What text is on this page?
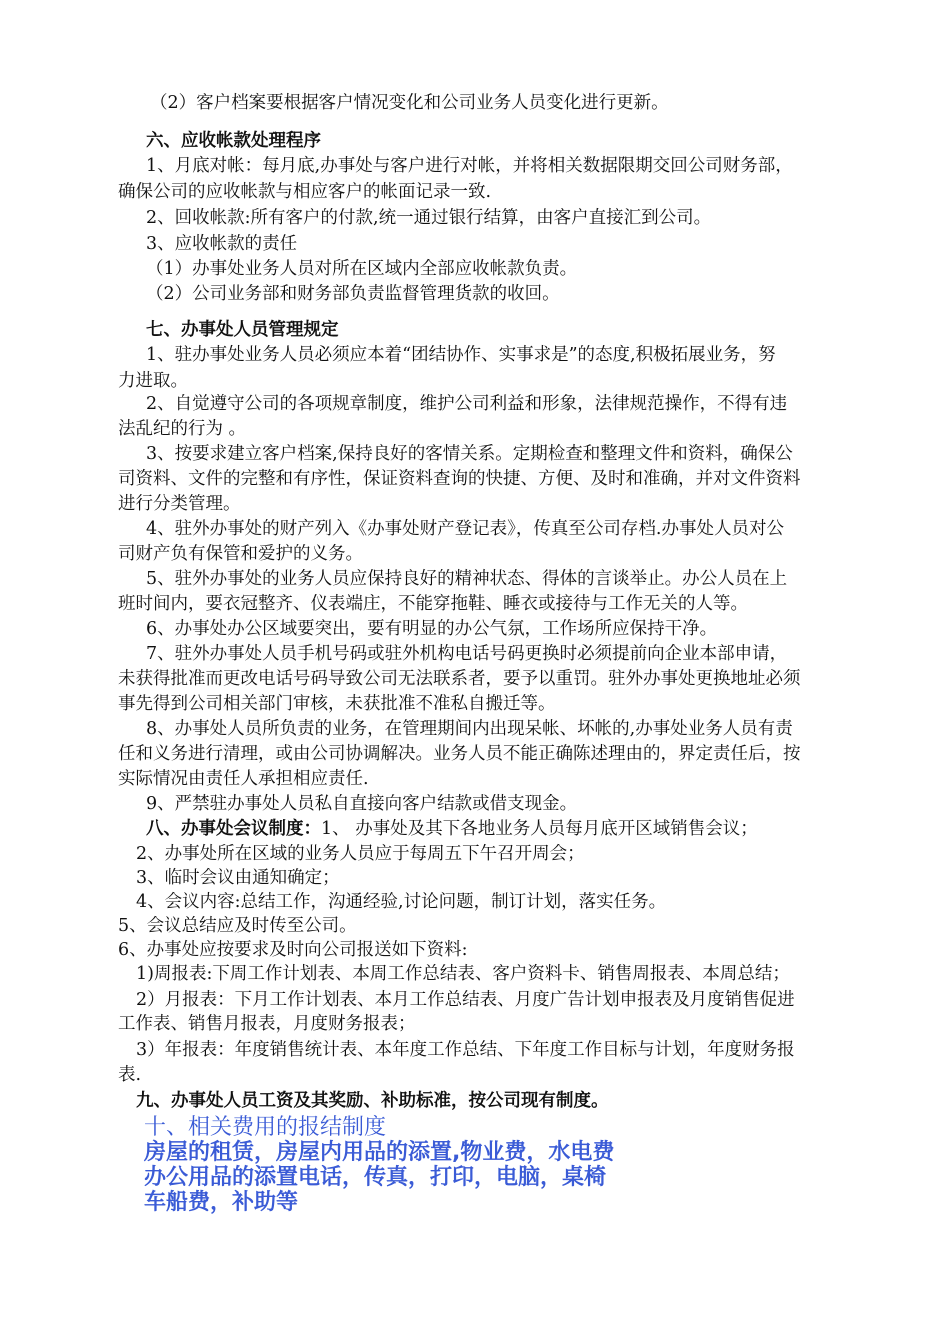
（2）客户档案要根据客户情况变化和公司业务人员变化进行更新。
六、应收帐款处理程序
1、月底对帐：每月底,办事处与客户进行对帐，并将相关数据限期交回公司财务部，
确保公司的应收帐款与相应客户的帐面记录一致.
2、回收帐款:所有客户的付款,统一通过银行结算，由客户直接汇到公司。
3、应收帐款的责任
（1）办事处业务人员对所在区域内全部应收帐款负责。
（2）公司业务部和财务部负责监督管理货款的收回。
七、办事处人员管理规定
1、驻办事处业务人员必须应本着“团结协作、实事求是”的态度,积极拓展业务，努
力进取。
2、自觉遵守公司的各项规章制度，维护公司利益和形象，法律规范操作，不得有违
法乱纪的行为 。
3、按要求建立客户档案,保持良好的客情关系。定期检查和整理文件和资料，确保公
司资料、文件的完整和有序性，保证资料查询的快捷、方便、及时和准确，并对文件资料
进行分类管理。
4、驻外办事处的财产列入《办事处财产登记表》，传真至公司存档.办事处人员对公
司财产负有保管和爱护的义务。
5、驻外办事处的业务人员应保持良好的精神状态、得体的言谈举止。办公人员在上
班时间内，要衣冠整齐、仪表端庄，不能穿拖鞋、睡衣或接待与工作无关的人等。
6、办事处办公区域要突出，要有明显的办公气氛，工作场所应保持干净。
7、驻外办事处人员手机号码或驻外机构电话号码更换时必须提前向企业本部申请，
未获得批准而更改电话号码导致公司无法联系者，要予以重罚。驻外办事处更换地址必须
事先得到公司相关部门审核，未获批准不准私自搬迁等。
8、办事处人员所负责的业务，在管理期间内出现呆帐、坏帐的,办事处业务人员有责
任和义务进行清理，或由公司协调解决。业务人员不能正确陈述理由的，界定责任后，按
实际情况由责任人承担相应责任.
9、严禁驻办事处人员私自直接向客户结款或借支现金。
八、办事处会议制度：1、 办事处及其下各地业务人员每月底开区域销售会议；
2、办事处所在区域的业务人员应于每周五下午召开周会；
3、临时会议由通知确定；
4、会议内容:总结工作，沟通经验,讨论问题，制订计划，落实任务。
5、会议总结应及时传至公司。
6、办事处应按要求及时向公司报送如下资料:
1)周报表:下周工作计划表、本周工作总结表、客户资料卡、销售周报表、本周总结；
2）月报表：下月工作计划表、本月工作总结表、月度广告计划申报表及月度销售促进
工作表、销售月报表，月度财务报表；
3）年报表：年度销售统计表、本年度工作总结、下年度工作目标与计划，年度财务报
表.
九、办事处人员工资及其奖励、补助标准，按公司现有制度。
十、相关费用的报结制度
房屋的租赁，房屋内用品的添置,物业费，水电费
办公用品的添置电话，传真，打印，电脑，桌椅
车船费，补助等
